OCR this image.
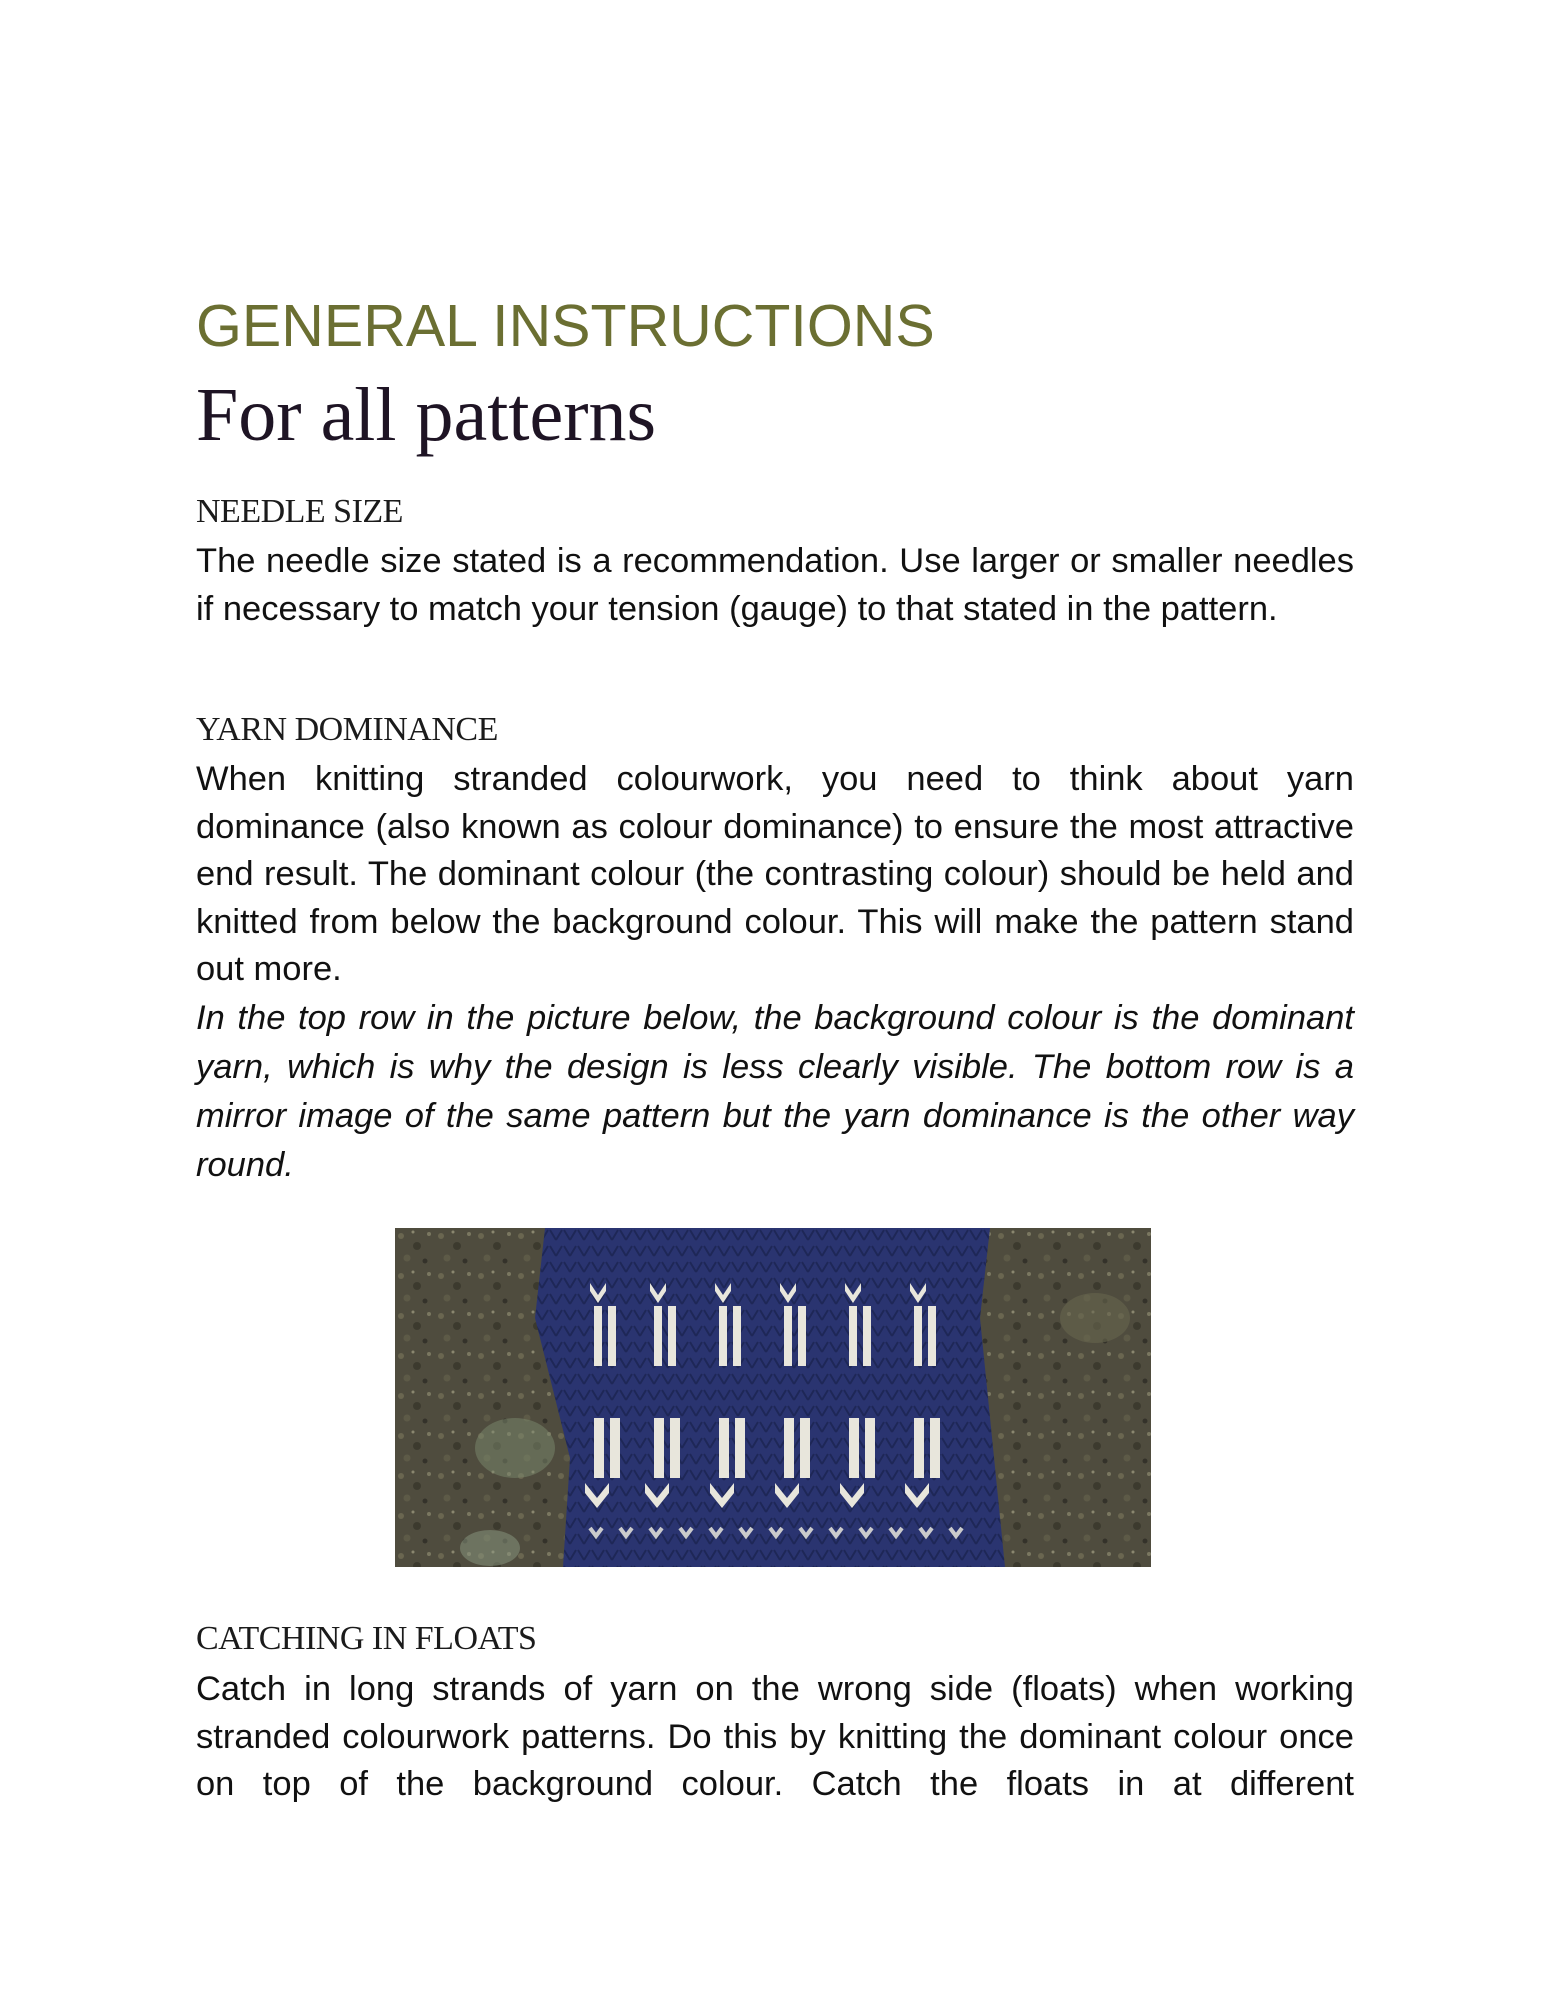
GENERAL INSTRUCTIONS
For all patterns
NEEDLE SIZE

The needle size stated is a recommendation. Use larger or smaller needles if necessary to match your tension (gauge) to that stated in the pattern.

YARN DOMINANCE

When knitting stranded colourwork, you need to think about yarn dominance (also known as colour dominance) to ensure the most attractive end result. The dominant colour (the contrasting colour) should be held and knitted from below the background colour. This will make the pattern stand out more.

In the top row in the picture below, the background colour is the dominant yarn, which is why the design is less clearly visible. The bottom row is a mirror image of the same pattern but the yarn dominance is the other way round.

CATCHING IN FLOATS

Catch in long strands of yarn on the wrong side (floats) when working stranded colourwork patterns. Do this by knitting the dominant colour once on top of the background colour. Catch the floats in at different
